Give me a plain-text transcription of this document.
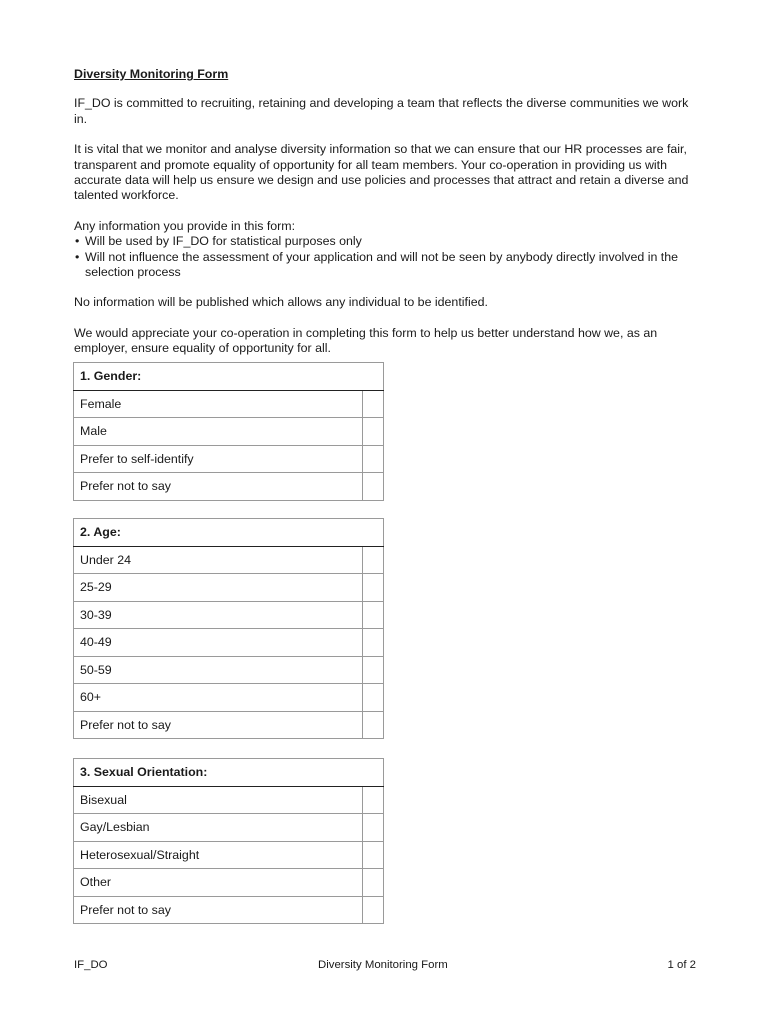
Diversity Monitoring Form

IF_DO is committed to recruiting, retaining and developing a team that reflects the diverse communities we work in.

It is vital that we monitor and analyse diversity information so that we can ensure that our HR processes are fair, transparent and promote equality of opportunity for all team members. Your co-operation in providing us with accurate data will help us ensure we design and use policies and processes that attract and retain a diverse and talented workforce.

Any information you provide in this form:
• Will be used by IF_DO for statistical purposes only
• Will not influence the assessment of your application and will not be seen by anybody directly involved in the selection process

No information will be published which allows any individual to be identified.

We would appreciate your co-operation in completing this form to help us better understand how we, as an employer, ensure equality of opportunity for all.

1. Gender:	
Female	
Male	
Prefer to self-identify	
Prefer not to say	
2. Age:	
Under 24	
25-29	
30-39	
40-49	
50-59	
60+	
Prefer not to say	
3. Sexual Orientation:	
Bisexual	
Gay/Lesbian	
Heterosexual/Straight	
Other	
Prefer not to say	
IF_DO	Diversity Monitoring Form	1 of 2
